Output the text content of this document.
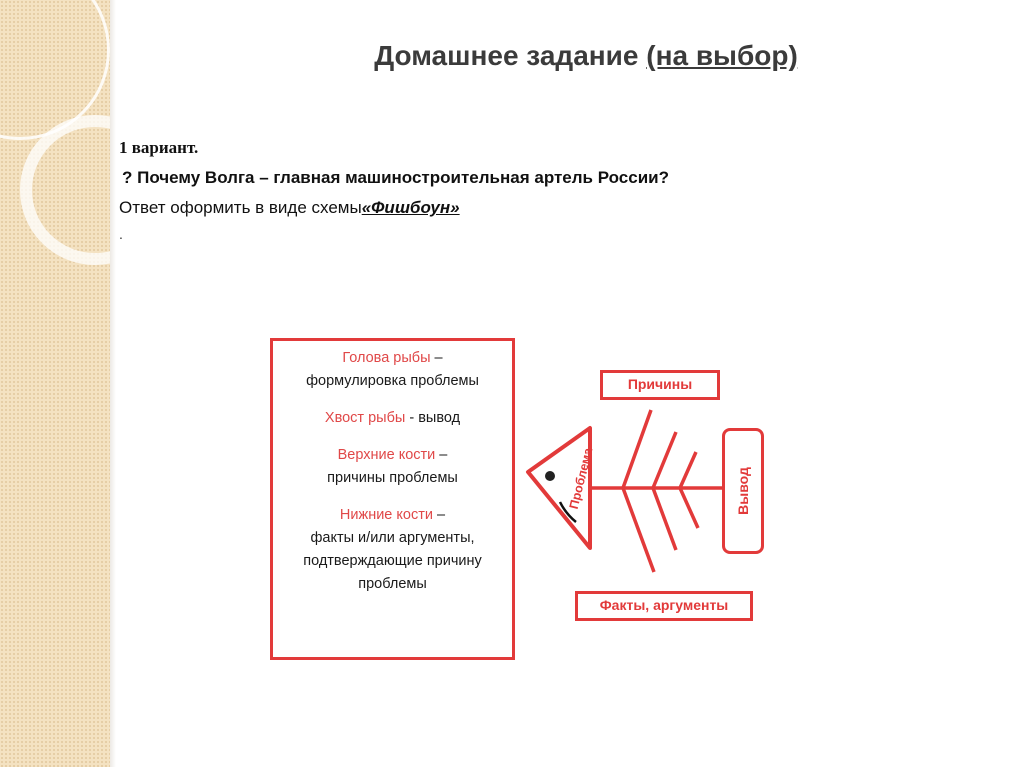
Домашнее задание (на выбор)
1 вариант.
? Почему Волга – главная машиностроительная артель России?
Ответ оформить в виде схемы«Фишбоун»
.
Голова рыбы –
формулировка проблемы
Хвост рыбы - вывод
Верхние кости –
причины проблемы
Нижние кости –
факты и/или аргументы,
подтверждающие причину
проблемы
Проблема
Причины
Факты, аргументы
Вывод
